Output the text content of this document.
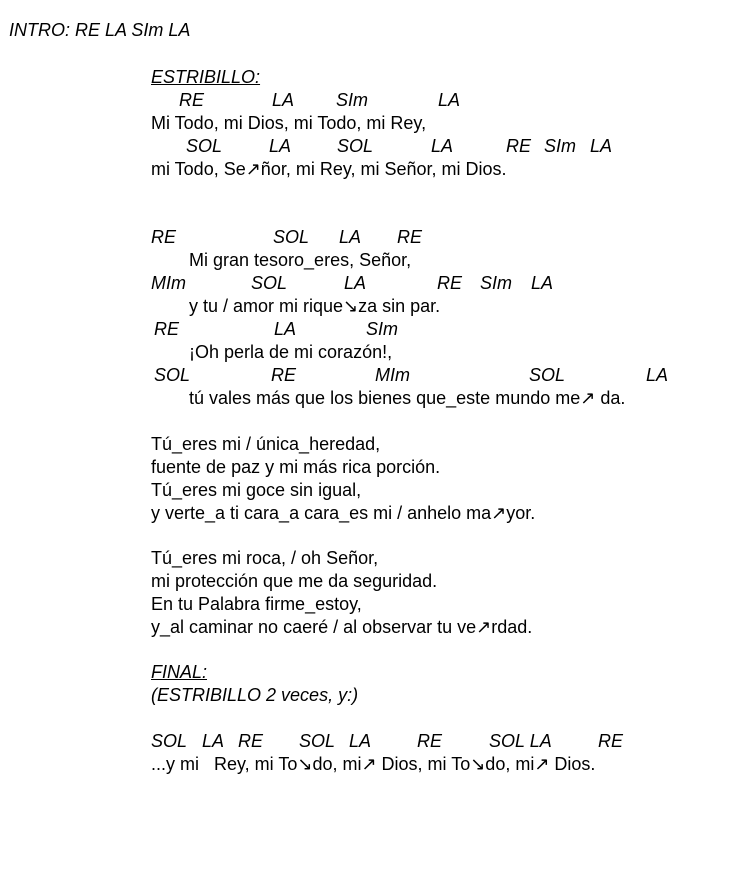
INTRO: RE LA SIm LA
ESTRIBILLO:
RE	LA SIm	LA
Mi Todo, mi Dios, mi Todo, mi Rey,
SOL	LA	SOL	LA	RE SIm LA
mi Todo, Se↗ñor, mi Rey, mi Señor, mi Dios.
RE	SOL LA RE
Mi gran tesoro_eres, Señor,
MIm	SOL	LA	RE SIm LA
y tu / amor mi rique↘za sin par.
RE	LA	SIm
¡Oh perla de mi corazón!,
SOL	RE	MIm	SOL	LA
tú vales más que los bienes que_este mundo me↗ da.
Tú_eres mi / única_heredad,
fuente de paz y mi más rica porción.
Tú_eres mi goce sin igual,
y verte_a ti cara_a cara_es mi / anhelo ma↗yor.
Tú_eres mi roca, / oh Señor,
mi protección que me da seguridad.
En tu Palabra firme_estoy,
y_al caminar no caeré / al observar tu ve↗rdad.
FINAL:
(ESTRIBILLO 2 veces, y:)
SOL LA RE SOL LA	RE	SOL LA	RE
...y mi   Rey, mi To↘do, mi↗ Dios, mi To↘do, mi↗ Dios.
